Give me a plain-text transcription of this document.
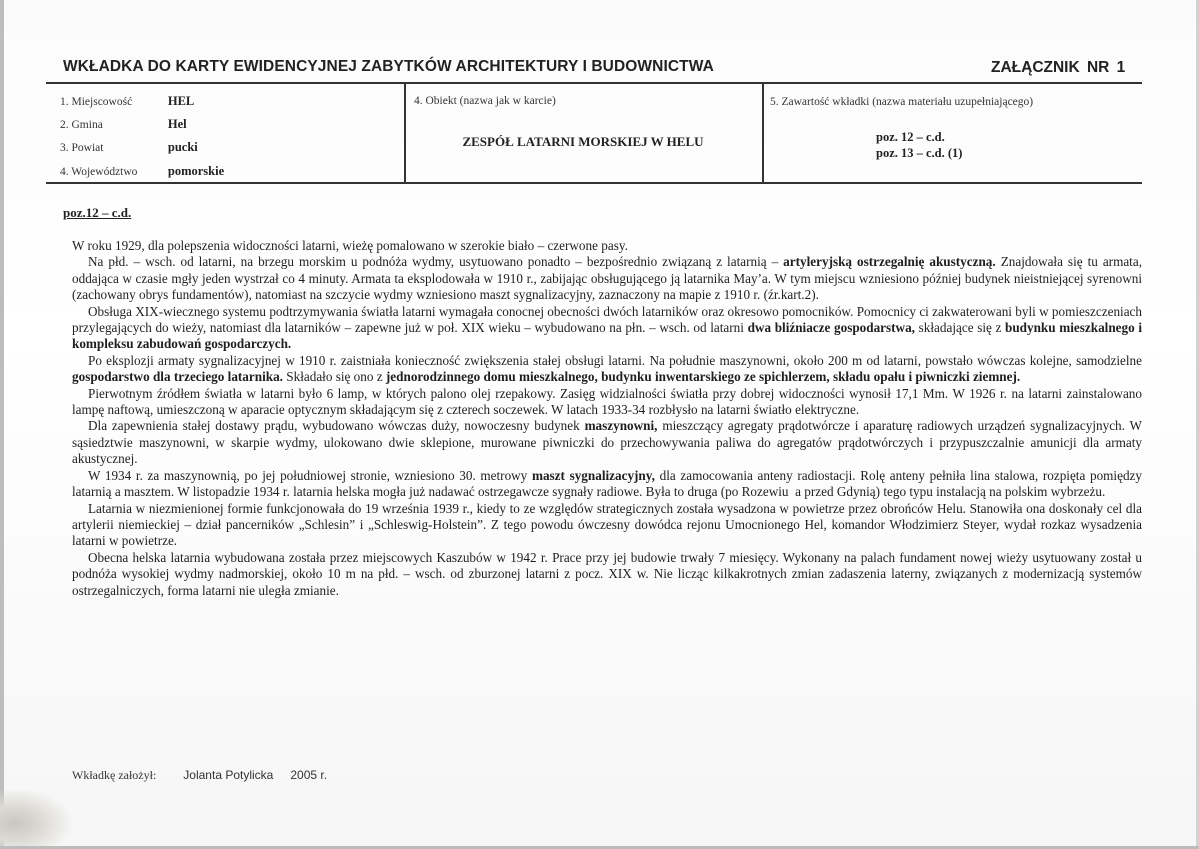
WKŁADKA DO KARTY EWIDENCYJNEJ ZABYTKÓW ARCHITEKTURY I BUDOWNICTWA	ZAŁĄCZNIK NR 1
1. Miejscowość	HEL
2. Gmina	Hel
3. Powiat	pucki
4. Województwo pomorskie
4. Obiekt (nazwa jak w karcie)
ZESPÓŁ LATARNI MORSKIEJ W HELU
5. Zawartość wkładki (nazwa materiału uzupełniającego)
poz. 12 – c.d.
poz. 13 – c.d. (1)
poz.12 – c.d.

W roku 1929, dla polepszenia widoczności latarni, wieżę pomalowano w szerokie biało – czerwone pasy.

Na płd. – wsch. od latarni, na brzegu morskim u podnóża wydmy, usytuowano ponadto – bezpośrednio związaną z latarnią – artyleryjską ostrzegalnię akustyczną. Znajdowała się tu armata, oddająca w czasie mgły jeden wystrzał co 4 minuty. Armata ta eksplodowała w 1910 r., zabijając obsługującego ją latarnika May’a. W tym miejscu wzniesiono później budynek nieistniejącej syrenowni (zachowany obrys fundamentów), natomiast na szczycie wydmy wzniesiono maszt sygnalizacyjny, zaznaczony na mapie z 1910 r. (źr.kart.2).

Obsługa XIX-wiecznego systemu podtrzymywania światła latarni wymagała conocnej obecności dwóch latarników oraz okresowo pomocników. Pomocnicy ci zakwaterowani byli w pomieszczeniach przylegających do wieży, natomiast dla latarników – zapewne już w poł. XIX wieku – wybudowano na płn. – wsch. od latarni dwa bliźniacze gospodarstwa, składające się z budynku mieszkalnego i kompleksu zabudowań gospodarczych.

Po eksplozji armaty sygnalizacyjnej w 1910 r. zaistniała konieczność zwiększenia stałej obsługi latarni. Na południe maszynowni, około 200 m od latarni, powstało wówczas kolejne, samodzielne gospodarstwo dla trzeciego latarnika. Składało się ono z jednorodzinnego domu mieszkalnego, budynku inwentarskiego ze spichlerzem, składu opału i piwniczki ziemnej.

Pierwotnym źródłem światła w latarni było 6 lamp, w których palono olej rzepakowy. Zasięg widzialności światła przy dobrej widoczności wynosił 17,1 Mm. W 1926 r. na latarni zainstalowano lampę naftową, umieszczoną w aparacie optycznym składającym się z czterech soczewek. W latach 1933-34 rozbłysło na latarni światło elektryczne.

Dla zapewnienia stałej dostawy prądu, wybudowano wówczas duży, nowoczesny budynek maszynowni, mieszczący agregaty prądotwórcze i aparaturę radiowych urządzeń sygnalizacyjnych. W sąsiedztwie maszynowni, w skarpie wydmy, ulokowano dwie sklepione, murowane piwniczki do przechowywania paliwa do agregatów prądotwórczych i przypuszczalnie amunicji dla armaty akustycznej.

W 1934 r. za maszynownią, po jej południowej stronie, wzniesiono 30. metrowy maszt sygnalizacyjny, dla zamocowania anteny radiostacji. Rolę anteny pełniła lina stalowa, rozpięta pomiędzy latarnią a masztem. W listopadzie 1934 r. latarnia helska mogła już nadawać ostrzegawcze sygnały radiowe. Była to druga (po Rozewiu  a przed Gdynią) tego typu instalacją na polskim wybrzeżu.

Latarnia w niezmienionej formie funkcjonowała do 19 września 1939 r., kiedy to ze względów strategicznych została wysadzona w powietrze przez obrońców Helu. Stanowiła ona doskonały cel dla artylerii niemieckiej – dział pancerników „Schlesin” i „Schleswig-Holstein”. Z tego powodu ówczesny dowódca rejonu Umocnionego Hel, komandor Włodzimierz Steyer, wydał rozkaz wysadzenia latarni w powietrze.

Obecna helska latarnia wybudowana została przez miejscowych Kaszubów w 1942 r. Prace przy jej budowie trwały 7 miesięcy. Wykonany na palach fundament nowej wieży usytuowany został u podnóża wysokiej wydmy nadmorskiej, około 10 m na płd. – wsch. od zburzonej latarni z pocz. XIX w. Nie licząc kilkakrotnych zmian zadaszenia laterny, związanych z modernizacją systemów ostrzegalniczych, forma latarni nie uległa zmianie.

Wkładkę założył: Jolanta Potylicka 2005 r.
